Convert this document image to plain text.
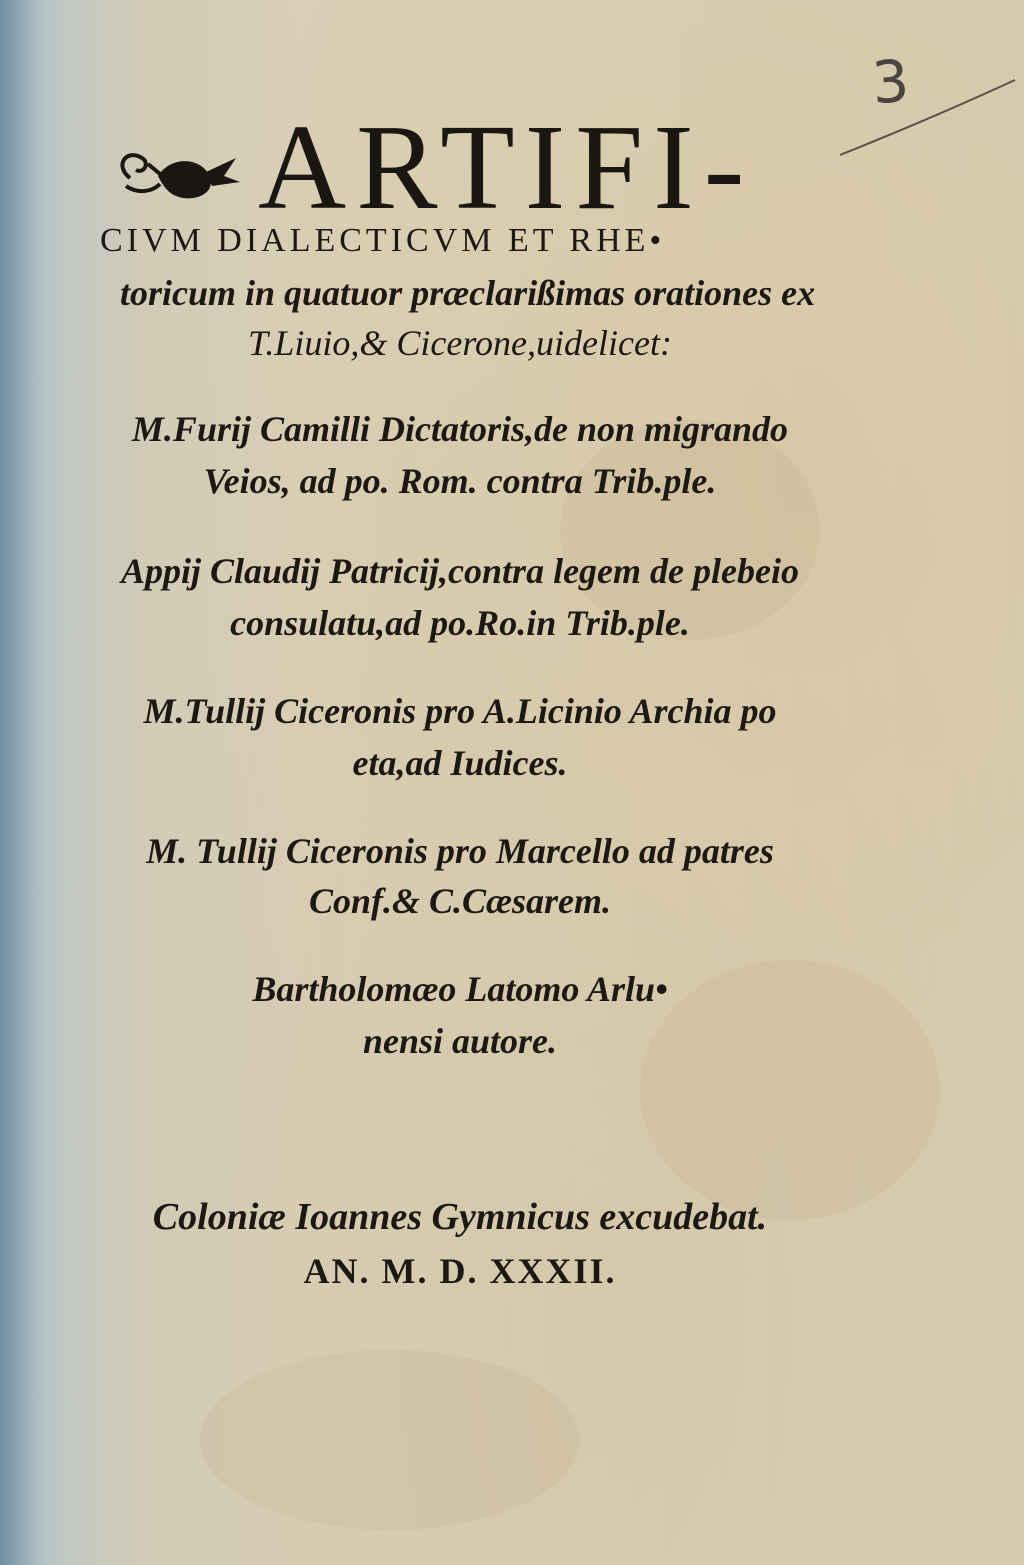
3
ARTIFI-
CIVM DIALECTICVM ET RHE•
toricum in quatuor præclarißimas orationes ex
T.Liuio,& Cicerone,uidelicet:
M.Furij Camilli Dictatoris,de non migrando
Veios, ad po. Rom. contra Trib.ple.
Appij Claudij Patricij,contra legem de plebeio
consulatu,ad po.Ro.in Trib.ple.
M.Tullij Ciceronis pro A.Licinio Archia po
eta,ad Iudices.
M. Tullij Ciceronis pro Marcello ad patres
Conf.& C.Cæsarem.
Bartholomæo Latomo Arlu•
nensi autore.
Coloniæ Ioannes Gymnicus excudebat.
AN. M. D. XXXII.
